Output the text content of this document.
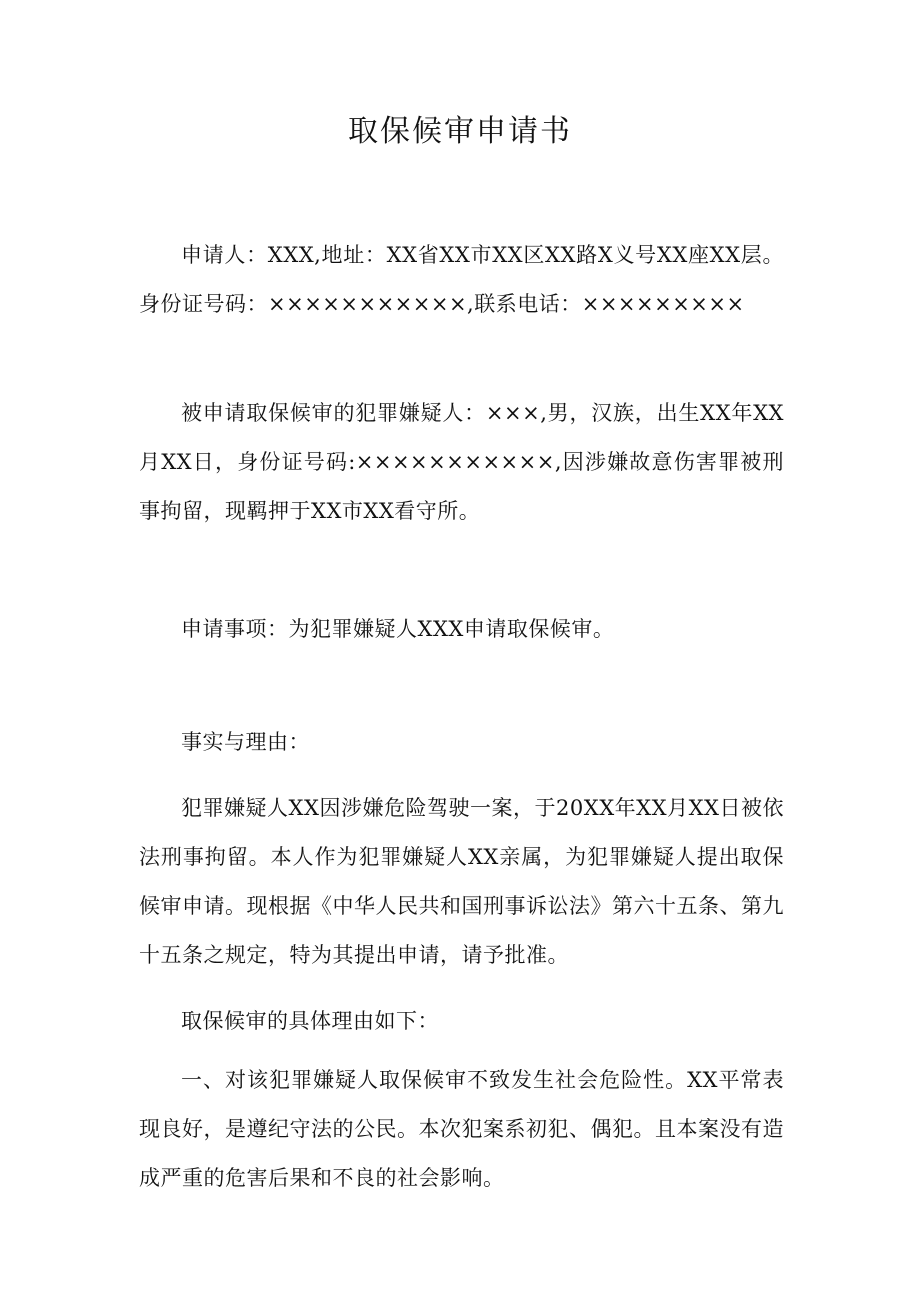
取保候审申请书

申请人：XXX,地址：XX省XX市XX区XX路X义号XX座XX层。身份证号码：×××××××××××,联系电话：×××××××××

被申请取保候审的犯罪嫌疑人：×××,男，汉族，出生XX年XX月XX日，身份证号码:×××××××××××,因涉嫌故意伤害罪被刑事拘留，现羁押于XX市XX看守所。

申请事项：为犯罪嫌疑人XXX申请取保候审。

事实与理由：

犯罪嫌疑人XX因涉嫌危险驾驶一案，于20XX年XX月XX日被依法刑事拘留。本人作为犯罪嫌疑人XX亲属，为犯罪嫌疑人提出取保候审申请。现根据《中华人民共和国刑事诉讼法》第六十五条、第九十五条之规定，特为其提出申请，请予批准。

取保候审的具体理由如下：

一、对该犯罪嫌疑人取保候审不致发生社会危险性。XX平常表现良好，是遵纪守法的公民。本次犯案系初犯、偶犯。且本案没有造成严重的危害后果和不良的社会影响。
